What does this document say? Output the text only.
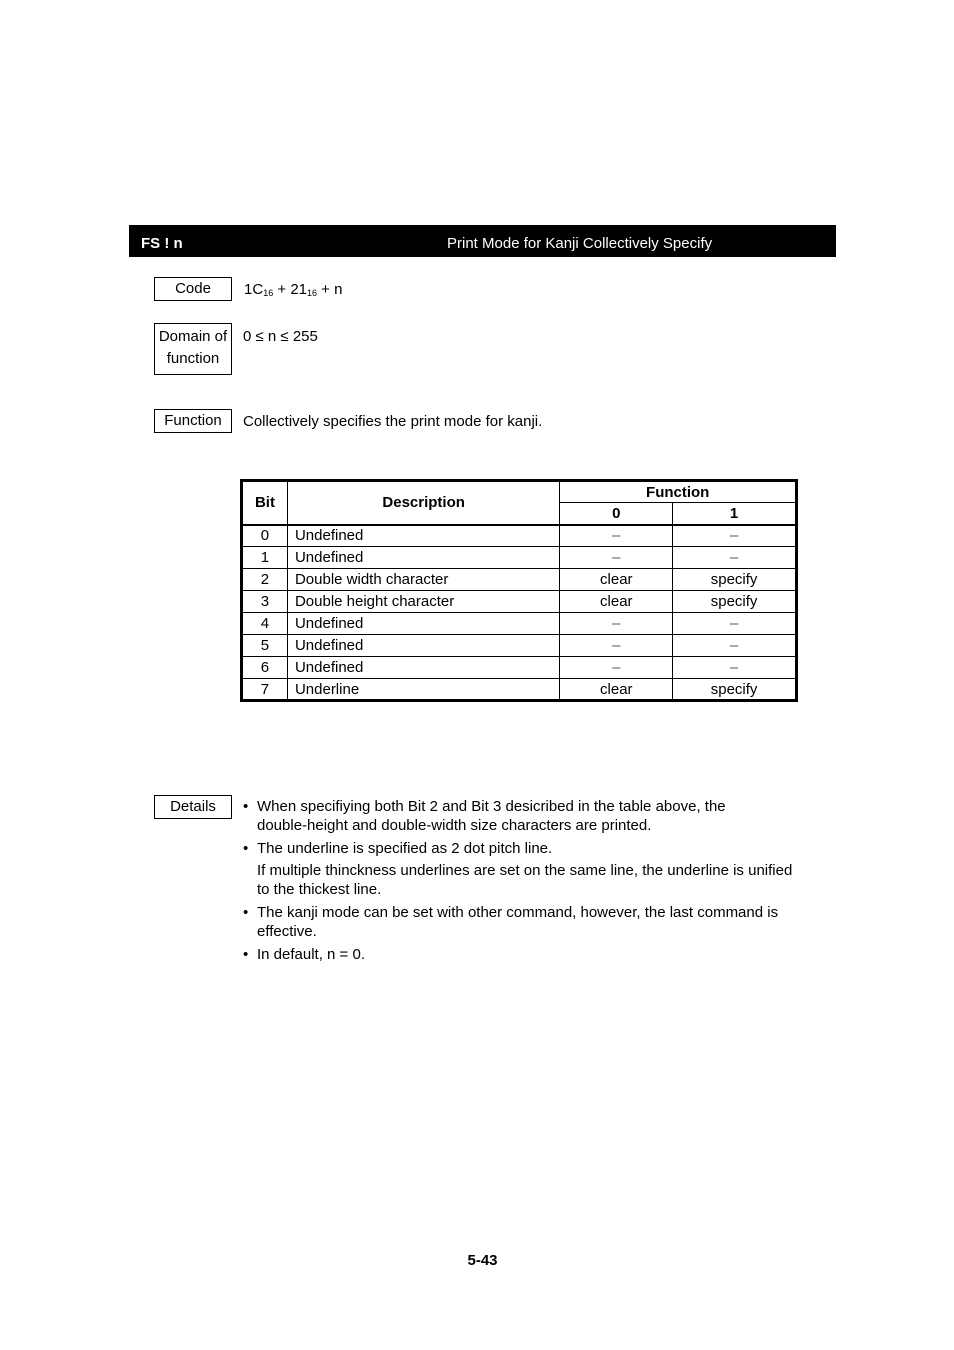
FS ! n	Print Mode for Kanji Collectively Specify
Code	$1C_{16} + 21_{16} + n$
Domain of
function
0 ≤ n ≤ 255
Function	Collectively specifies the print mode for kanji.
Bit	Description	Function	
		0	1
0	Undefined	–	–
1	Undefined	–	–
2	Double width character	clear	specify
3	Double height character	clear	specify
4	Undefined	–	–
5	Undefined	–	–
6	Undefined	–	–
7	Underline	clear	specify
Details	• When specifiying both Bit 2 and Bit 3 desicribed in the table above, the
double-height and double-width size characters are printed.
• The underline is specified as 2 dot pitch line.
If multiple thinckness underlines are set on the same line, the underline is unified
to the thickest line.
• The kanji mode can be set with other command, however, the last command is
effective.
• In default, n = 0.
5-43
